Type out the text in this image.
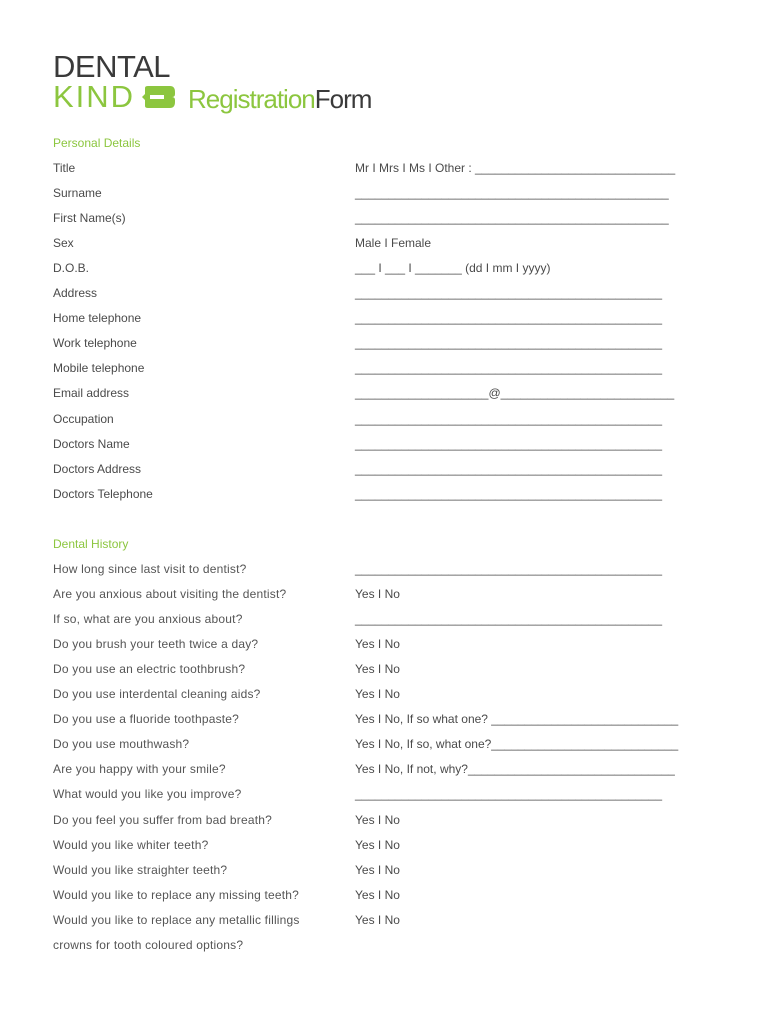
DENTAL
KIND RegistrationForm
Personal Details
Title	Mr I Mrs I Ms I Other : ______________________________
Surname	_______________________________________________
First Name(s)	_______________________________________________
Sex	Male I Female
D.O.B.	___ I ___ I _______ (dd I mm I yyyy)
Address	______________________________________________
Home telephone	______________________________________________
Work telephone	______________________________________________
Mobile telephone	______________________________________________
Email address	____________________@__________________________
Occupation	______________________________________________
Doctors Name	______________________________________________
Doctors Address	______________________________________________
Doctors Telephone	______________________________________________
Dental History
How long since last visit to dentist?	______________________________________________
Are you anxious about visiting the dentist?	Yes I No
If so, what are you anxious about?	______________________________________________
Do you brush your teeth twice a day?	Yes I No
Do you use an electric toothbrush?	Yes I No
Do you use interdental cleaning aids?	Yes I No
Do you use a fluoride toothpaste?	Yes I No, If so what one? ____________________________
Do you use mouthwash?	Yes I No, If so, what one?____________________________
Are you happy with your smile?	Yes I No, If not, why?_______________________________
What would you like you improve?	______________________________________________
Do you feel you suffer from bad breath?	Yes I No
Would you like whiter teeth?	Yes I No
Would you like straighter teeth?	Yes I No
Would you like to replace any missing teeth?	Yes I No
Would you like to replace any metallic fillings	Yes I No
crowns for tooth coloured options?
